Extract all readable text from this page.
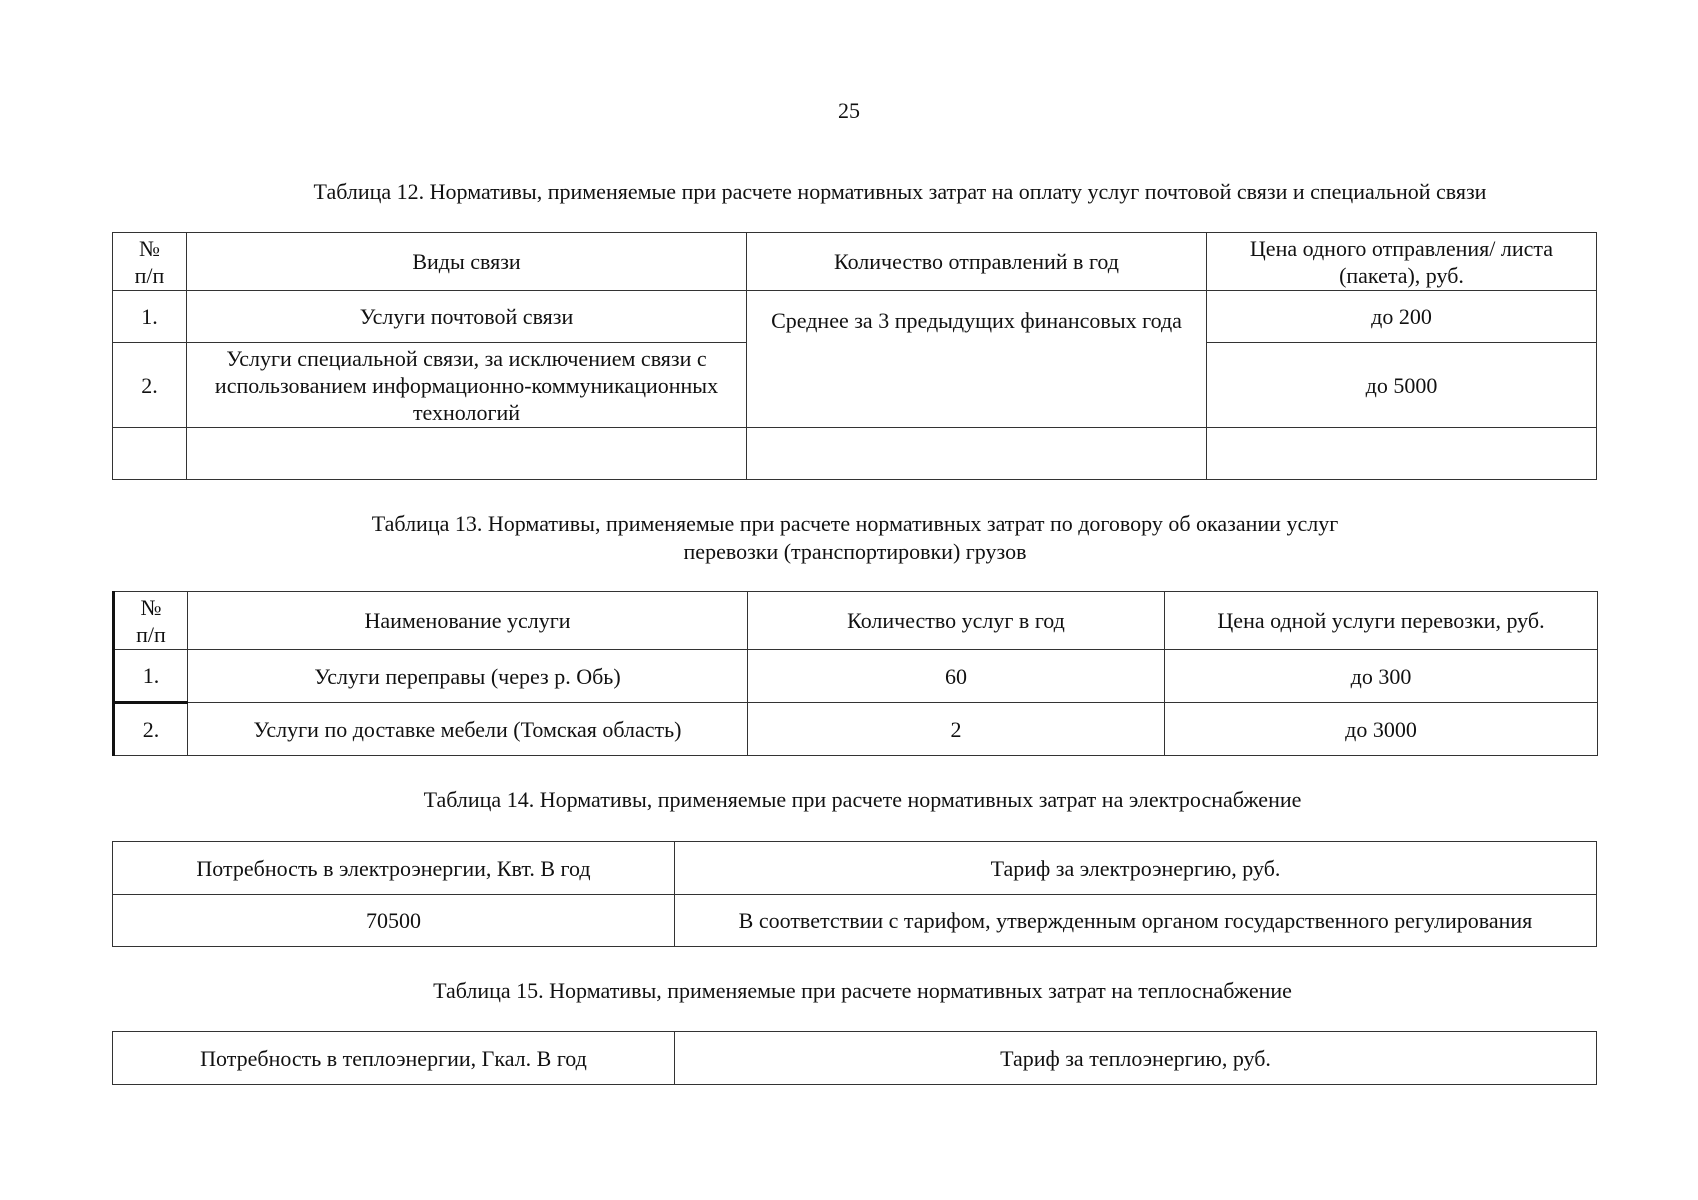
25
Таблица 12. Нормативы, применяемые при расчете нормативных затрат на оплату услуг почтовой связи и специальной связи
№
п/п	Виды связи	Количество отправлений в год	Цена одного отправления/ листа (пакета), руб.
1.	Услуги почтовой связи	Среднее за 3 предыдущих финансовых года	до 200
2.	Услуги специальной связи, за исключением связи с использованием информационно-коммуникационных технологий		до 5000

Таблица 13. Нормативы, применяемые при расчете нормативных затрат по договору об оказании услуг
перевозки (транспортировки) грузов
№
п/п	Наименование услуги	Количество услуг в год	Цена одной услуги перевозки, руб.
1.	Услуги переправы (через р. Обь)	60	до 300
2.	Услуги по доставке мебели (Томская область)	2	до 3000
Таблица 14. Нормативы, применяемые при расчете нормативных затрат на электроснабжение
Потребность в электроэнергии, Квт. В год	Тариф за электроэнергию, руб.
70500	В соответствии с тарифом, утвержденным органом государственного регулирования
Таблица 15. Нормативы, применяемые при расчете нормативных затрат на теплоснабжение
Потребность в теплоэнергии, Гкал. В год	Тариф за теплоэнергию, руб.
